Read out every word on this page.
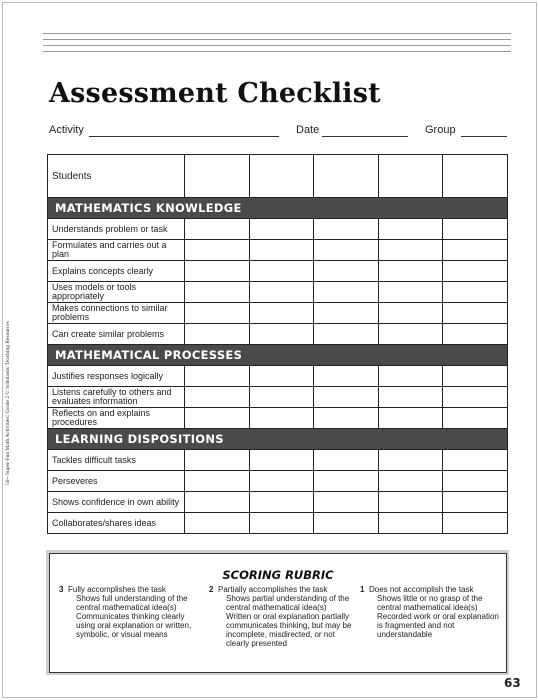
Assessment Checklist
Activity	Date	Group
50+ Super-Fun Math Activities: Grade 2 © Scholastic Teaching Resources
Students					
MATHEMATICS KNOWLEDGE					
Understands problem or task					
Formulates and carries out a plan					
Explains concepts clearly					
Uses models or tools appropriately					
Makes connections to similar problems					
Can create similar problems					
MATHEMATICAL PROCESSES					
Justifies responses logically					
Listens carefully to others and evaluates information					
Reflects on and explains procedures					
LEARNING DISPOSITIONS					
Tackles difficult tasks					
Perseveres					
Shows confidence in own ability					
Collaborates/shares ideas					
SCORING RUBRIC
3 Fully accomplishes the task
Shows full understanding of the central mathematical idea(s)
Communicates thinking clearly using oral explanation or written, symbolic, or visual means
2 Partially accomplishes the task
Shows partial understanding of the central mathematical idea(s)
Written or oral explanation partially communicates thinking, but may be incomplete, misdirected, or not clearly presented
1 Does not accomplish the task
Shows little or no grasp of the central mathematical idea(s)
Recorded work or oral explanation is fragmented and not understandable
63
